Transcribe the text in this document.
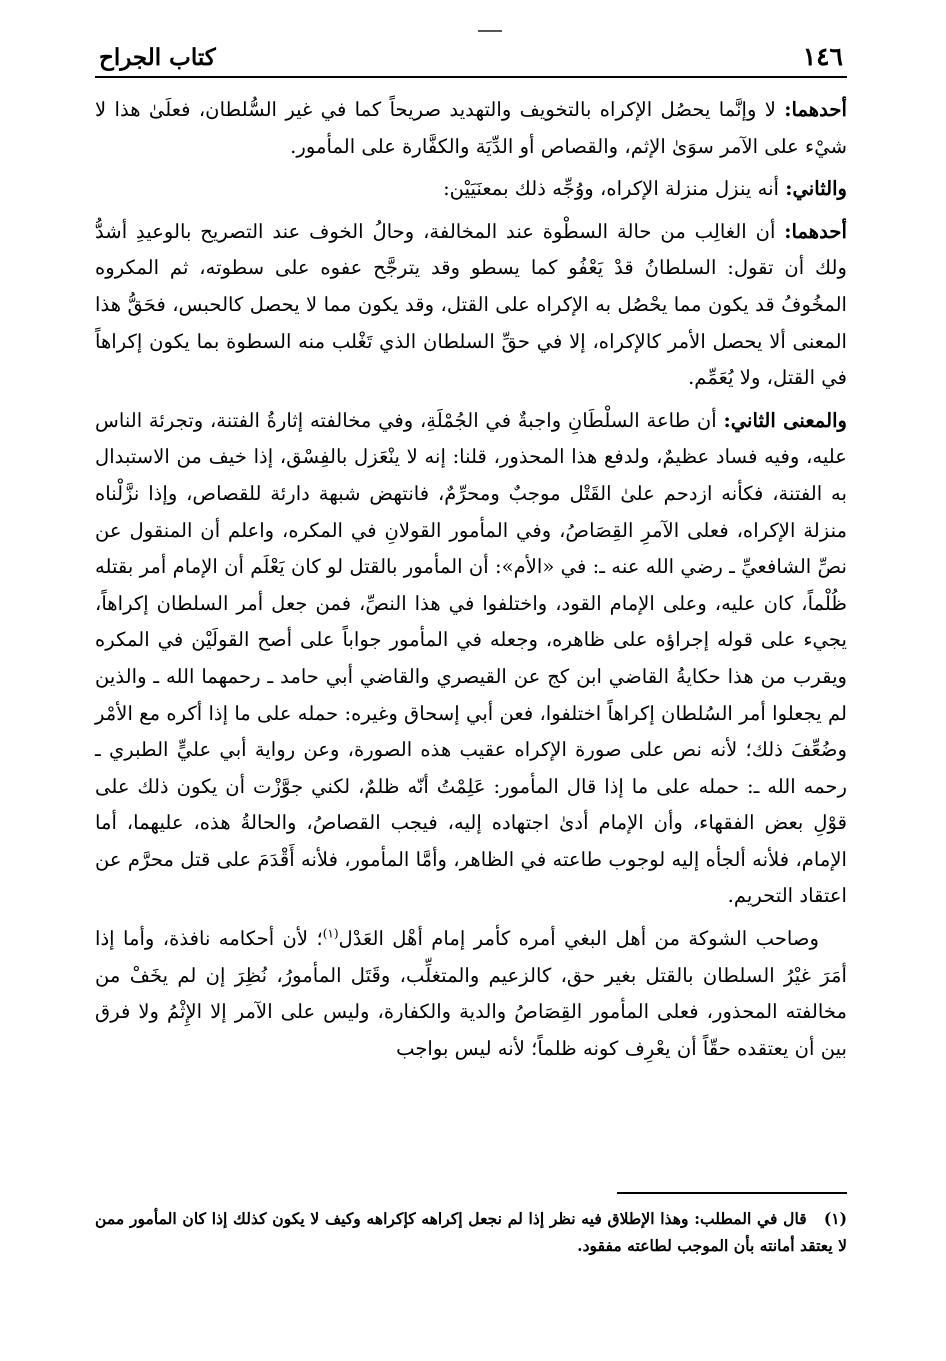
١٤٦
كتاب الجراح

أحدهما: لا وإنَّما يحصُل الإكراه بالتخويف والتهديد صريحاً كما في غير السُّلطان، فعلَىٰ هذا لا شيْء على الآمر سوَىٰ الإثم، والقصاص أو الدِّيَة والكفَّارة على المأمور.

والثاني: أنه ينزل منزلة الإكراه، ووُجِّه ذلك بمعنَيَيْن:

أحدهما: أن الغالِب من حالة السطْوة عند المخالفة، وحالُ الخوف عند التصريح بالوعيدِ أشدُّ ولك أن تقول: السلطانُ قدْ يَعْفُو كما يسطو وقد يترجَّح عفوه على سطوته، ثم المكروه المخُوفُ قد يكون مما يحْصُل به الإكراه على القتل، وقد يكون مما لا يحصل كالحبس، فحَقُّ هذا المعنى ألا يحصل الأمر كالإكراه، إلا في حقِّ السلطان الذي تَغْلب منه السطوة بما يكون إكراهاً في القتل، ولا يُعَمِّم.

والمعنى الثاني: أن طاعة السلْطَانِ واجبةٌ في الجُمْلَةِ، وفي مخالفته إثارةُ الفتنة، وتجرئة الناس عليه، وفيه فساد عظيمٌ، ولدفع هذا المحذور، قلنا: إنه لا ينْعَزل بالفِسْق، إذا خيف من الاستبدال به الفتنة، فكأنه ازدحم علىٰ القَتْل موجبٌ ومحرِّمٌ، فانتهض شبهة دارئة للقصاص، وإذا نزَّلْناه منزلة الإكراه، فعلى الآمرِ القِصَاصُ، وفي المأمور القولانِ في المكره، واعلم أن المنقول عن نصِّ الشافعيِّ ـ رضي الله عنه ـ: في «الأم»: أن المأمور بالقتل لو كان يَعْلَم أن الإمام أمر بقتله ظُلْماً، كان عليه، وعلى الإمام القود، واختلفوا في هذا النصِّ، فمن جعل أمر السلطان إكراهاً، يجيء على قوله إجراؤه على ظاهره، وجعله في المأمور جواباً على أصح القولَيْن في المكره ويقرب من هذا حكايةُ القاضي ابن كج عن القيصري والقاضي أبي حامد ـ رحمهما الله ـ والذين لم يجعلوا أمر السُلطان إكراهاً اختلفوا، فعن أبي إسحاق وغيره: حمله على ما إذا أكره مع الأمْر وضُعِّفَ ذلك؛ لأنه نص على صورة الإكراه عقيب هذه الصورة، وعن رواية أبي عليٍّ الطبري ـ رحمه الله ـ: حمله على ما إذا قال المأمور: عَلِمْتُ أنّه ظلمٌ، لكني جوَّزْت أن يكون ذلك على قوْلِ بعض الفقهاء، وأن الإمام أدىٰ اجتهاده إليه، فيجب القصاصُ، والحالةُ هذه، عليهما، أما الإمام، فلأنه ألجأه إليه لوجوب طاعته في الظاهر، وأمَّا المأمور، فلأنه أَقْدَمَ على قتل محرَّم عن اعتقاد التحريم.

وصاحب الشوكة من أهل البغي أمره كأمر إمام أهْل العَدْل$^{(١)}$؛ لأن أحكامه نافذة، وأما إذا أمَرَ غيْرُ السلطان بالقتل بغير حق، كالزعيم والمتغلِّب، وقَتَل المأمورُ، نُظِرَ إن لم يخَفْ من مخالفته المحذور، فعلى المأمور القِصَاصُ والدية والكفارة، وليس على الآمر إلا الإِثْمُ ولا فرق بين أن يعتقده حقّاً أن يعْرِف كونه ظلماً؛ لأنه ليس بواجب

(١)   قال في المطلب: وهذا الإطلاق فيه نظر إذا لم نجعل إكراهه كإكراهه وكيف لا يكون كذلك إذا كان المأمور ممن لا يعتقد أمانته بأن الموجب لطاعته مفقود.
